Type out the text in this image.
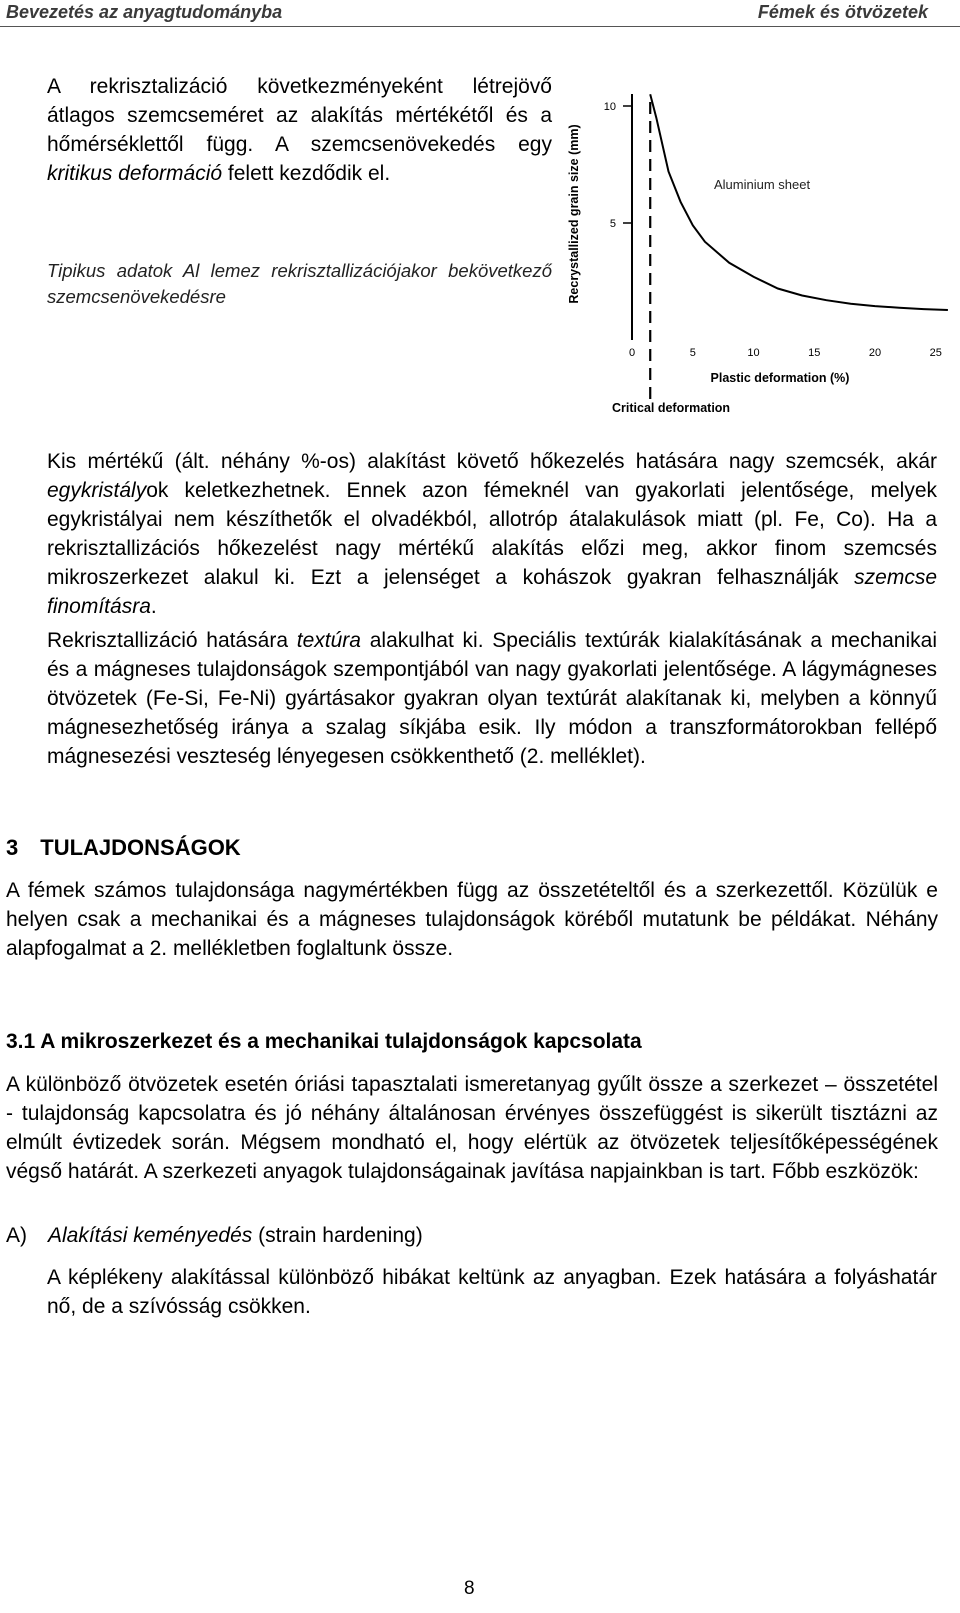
Bevezetés az anyagtudományba	Fémek és ötvözetek
A rekrisztalizáció következményeként létrejövő átlagos szemcseméret az alakítás mértékétől és a hőmérséklettől függ. A szemcsenövekedés egy kritikus deformáció felett kezdődik el.
Tipikus adatok Al lemez rekrisztallizációjakor bekövetkező szemcsenövekedésre	Recrystallized grain size (mm)
Plastic deformation (%)
Aluminium sheet
Critical deformation
5
10
0	5	10	15	20	25
Kis mértékű (ált. néhány %-os) alakítást követő hőkezelés hatására nagy szemcsék, akár egykristályok keletkezhetnek. Ennek azon fémeknél van gyakorlati jelentősége, melyek egykristályai nem készíthetők el olvadékból, allotróp átalakulások miatt (pl. Fe, Co). Ha a rekrisztallizációs hőkezelést nagy mértékű alakítás előzi meg, akkor finom szemcsés mikroszerkezet alakul ki. Ezt a jelenséget a kohászok gyakran felhasználják szemcse finomításra.
Rekrisztallizáció hatására textúra alakulhat ki. Speciális textúrák kialakításának a mechanikai és a mágneses tulajdonságok szempontjából van nagy gyakorlati jelentősége. A lágymágneses ötvözetek (Fe-Si, Fe-Ni) gyártásakor gyakran olyan textúrát alakítanak ki, melyben a könnyű mágnesezhetőség iránya a szalag síkjába esik. Ily módon a transzformátorokban fellépő mágnesezési veszteség lényegesen csökkenthető (2. melléklet).
3 TULAJDONSÁGOK
A fémek számos tulajdonsága nagymértékben függ az összetételtől és a szerkezettől. Közülük e helyen csak a mechanikai és a mágneses tulajdonságok köréből mutatunk be példákat. Néhány alapfogalmat a 2. mellékletben foglaltunk össze.
3.1 A mikroszerkezet és a mechanikai tulajdonságok kapcsolata
A különböző ötvözetek esetén óriási tapasztalati ismeretanyag gyűlt össze a szerkezet – összetétel - tulajdonság kapcsolatra és jó néhány általánosan érvényes összefüggést is sikerült tisztázni az elmúlt évtizedek során. Mégsem mondható el, hogy elértük az ötvözetek teljesítőképességének végső határát. A szerkezeti anyagok tulajdonságainak javítása napjainkban is tart. Főbb eszközök:
A) Alakítási keményedés (strain hardening)
A képlékeny alakítással különböző hibákat keltünk az anyagban. Ezek hatására a folyáshatár nő, de a szívósság csökken.
8
